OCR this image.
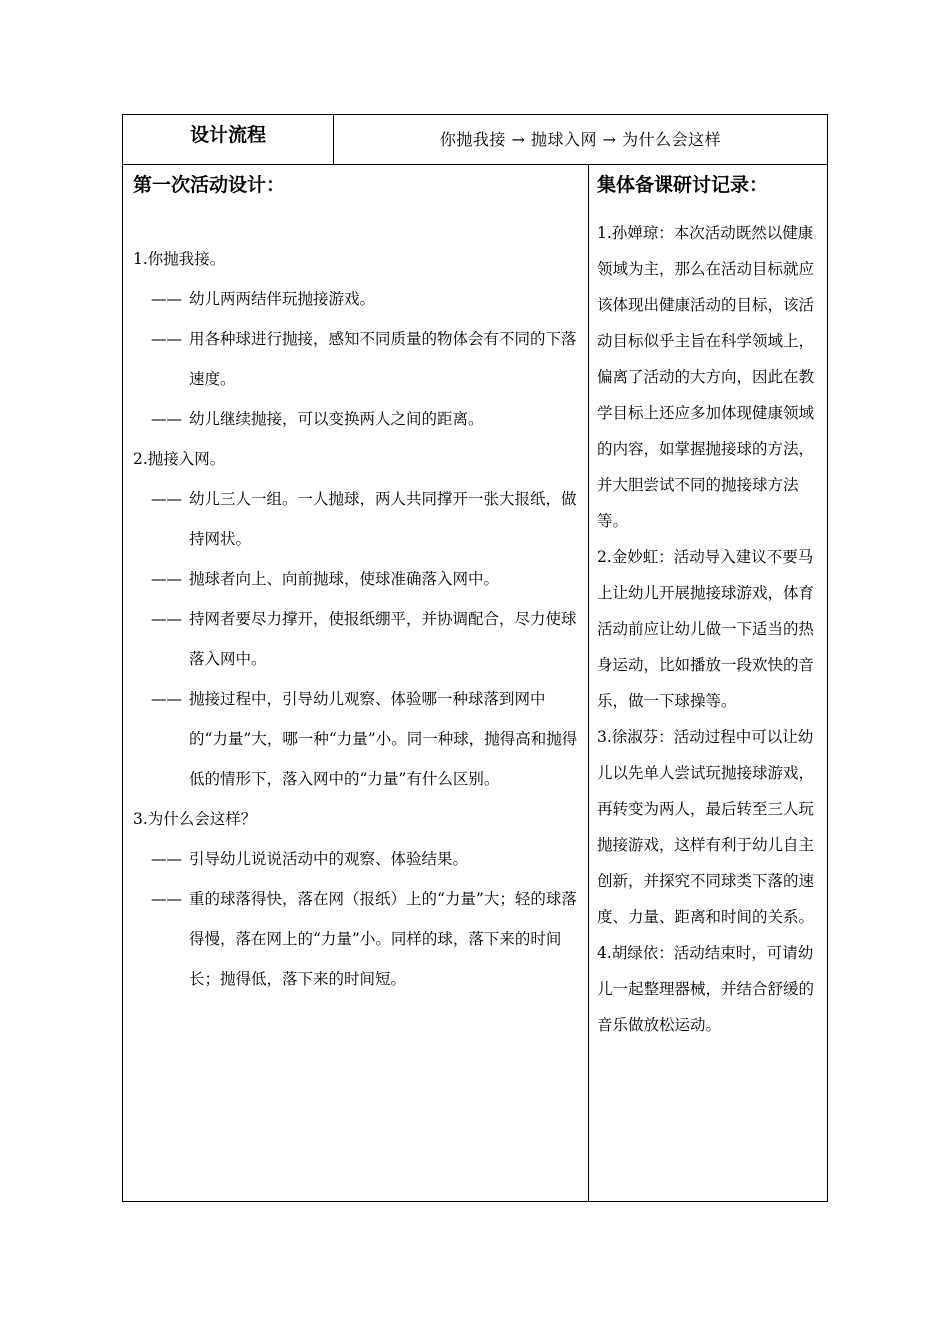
设计流程	你抛我接 → 抛球入网 → 为什么会这样

第一次活动设计：

1.你抛我接。
—— 幼儿两两结伴玩抛接游戏。
—— 用各种球进行抛接，感知不同质量的物体会有不同的下落速度。
—— 幼儿继续抛接，可以变换两人之间的距离。
2.抛接入网。
—— 幼儿三人一组。一人抛球，两人共同撑开一张大报纸，做持网状。
—— 抛球者向上、向前抛球，使球准确落入网中。
—— 持网者要尽力撑开，使报纸绷平，并协调配合，尽力使球落入网中。
—— 抛接过程中，引导幼儿观察、体验哪一种球落到网中的“力量”大，哪一种“力量”小。同一种球，抛得高和抛得低的情形下，落入网中的“力量”有什么区别。
3.为什么会这样？
—— 引导幼儿说说活动中的观察、体验结果。
—— 重的球落得快，落在网（报纸）上的“力量”大；轻的球落得慢，落在网上的“力量”小。同样的球，落下来的时间长；抛得低，落下来的时间短。

集体备课研讨记录：

1.孙婵琼：本次活动既然以健康领域为主，那么在活动目标就应该体现出健康活动的目标，该活动目标似乎主旨在科学领域上，偏离了活动的大方向，因此在教学目标上还应多加体现健康领域的内容，如掌握抛接球的方法，并大胆尝试不同的抛接球方法等。

2.金妙虹：活动导入建议不要马上让幼儿开展抛接球游戏，体育活动前应让幼儿做一下适当的热身运动，比如播放一段欢快的音乐，做一下球操等。

3.徐淑芬：活动过程中可以让幼儿以先单人尝试玩抛接球游戏，再转变为两人，最后转至三人玩抛接游戏，这样有利于幼儿自主创新，并探究不同球类下落的速度、力量、距离和时间的关系。

4.胡绿依：活动结束时，可请幼儿一起整理器械，并结合舒缓的音乐做放松运动。
